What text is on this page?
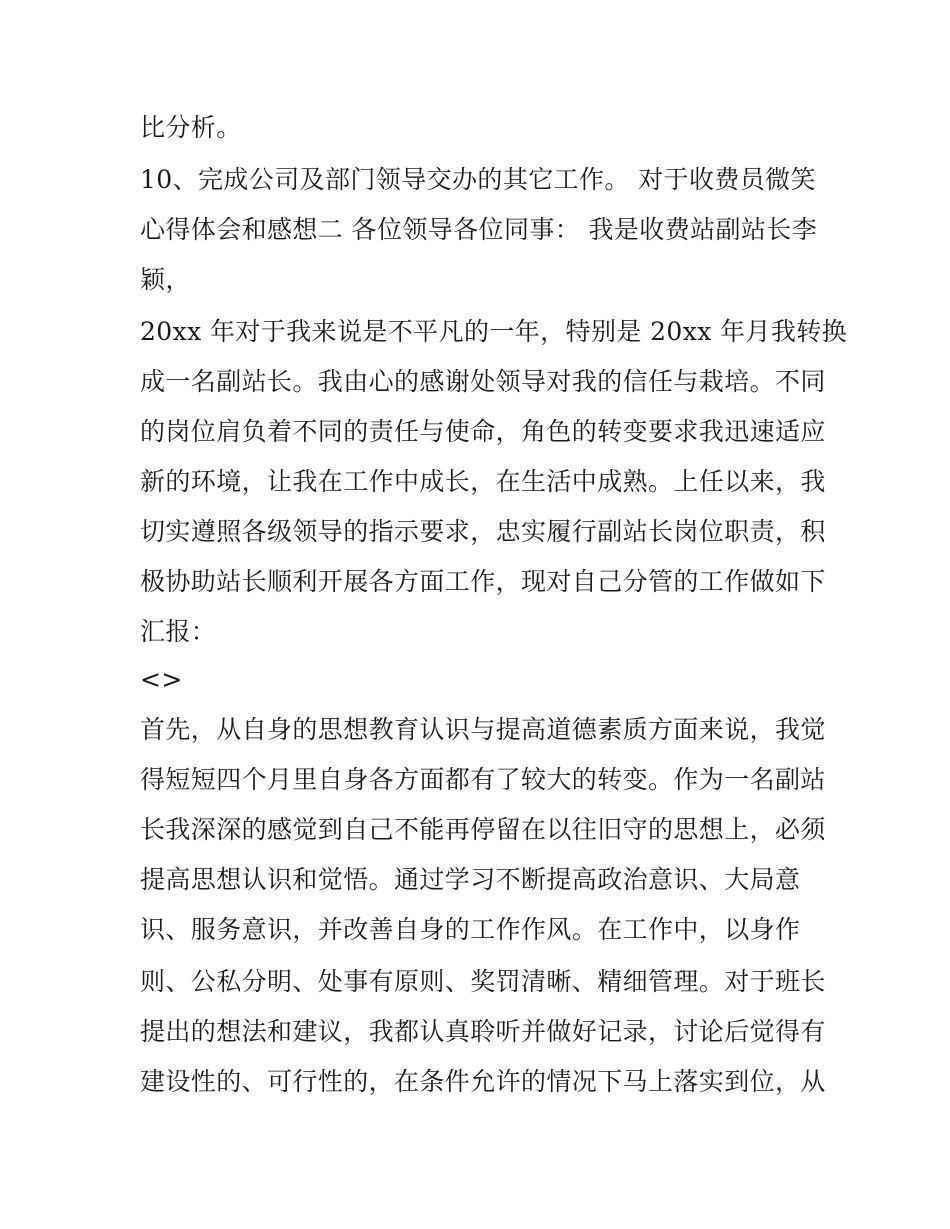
比分析。
10、完成公司及部门领导交办的其它工作。 对于收费员微笑
心得体会和感想二 各位领导各位同事： 我是收费站副站长李
颖，
20xx 年对于我来说是不平凡的一年，特别是 20xx 年月我转换
成一名副站长。我由心的感谢处领导对我的信任与栽培。不同
的岗位肩负着不同的责任与使命，角色的转变要求我迅速适应
新的环境，让我在工作中成长，在生活中成熟。上任以来，我
切实遵照各级领导的指示要求，忠实履行副站长岗位职责，积
极协助站长顺利开展各方面工作，现对自己分管的工作做如下
汇报：
<>
首先，从自身的思想教育认识与提高道德素质方面来说，我觉
得短短四个月里自身各方面都有了较大的转变。作为一名副站
长我深深的感觉到自己不能再停留在以往旧守的思想上，必须
提高思想认识和觉悟。通过学习不断提高政治意识、大局意
识、服务意识，并改善自身的工作作风。在工作中，以身作
则、公私分明、处事有原则、奖罚清晰、精细管理。对于班长
提出的想法和建议，我都认真聆听并做好记录，讨论后觉得有
建设性的、可行性的，在条件允许的情况下马上落实到位，从
